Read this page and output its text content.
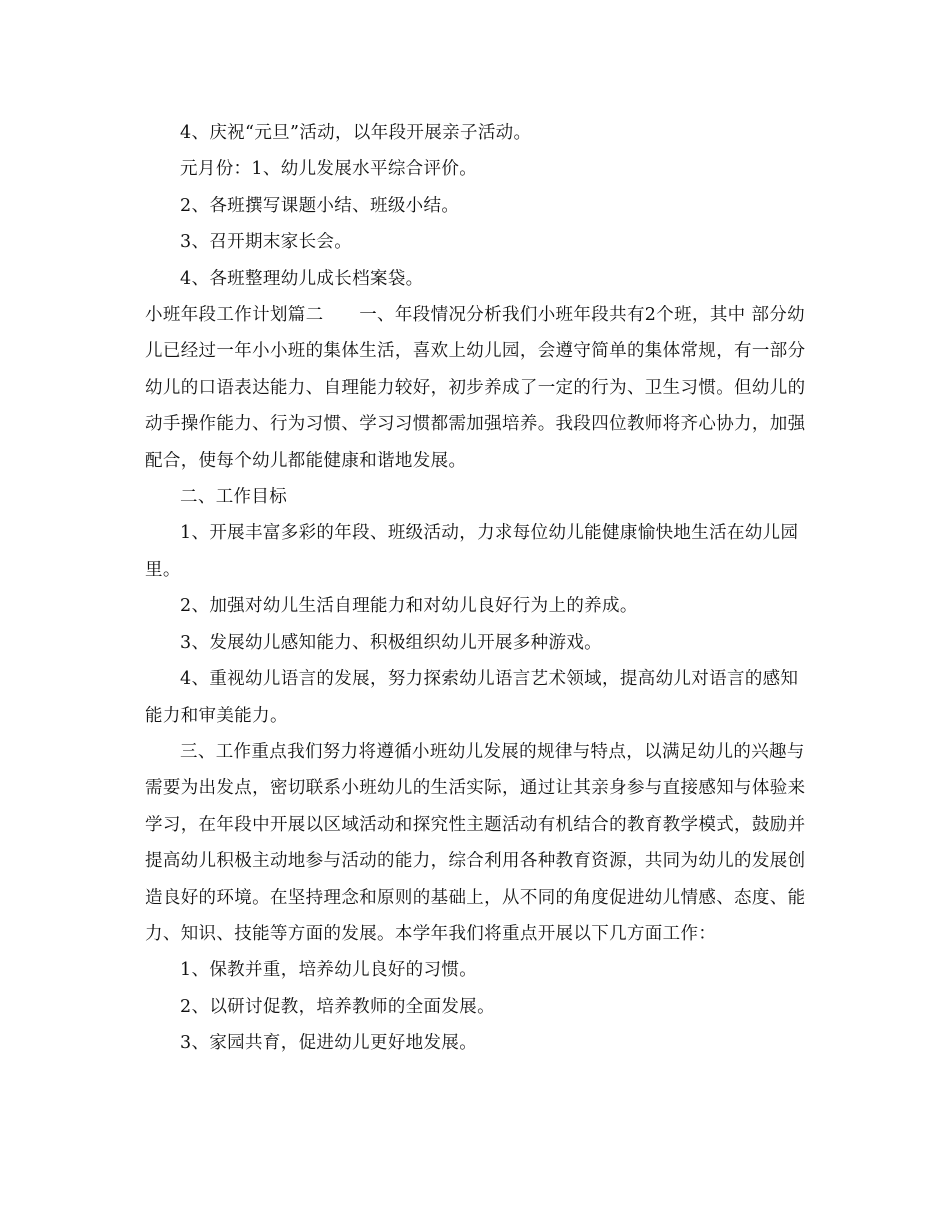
4、庆祝“元旦”活动，以年段开展亲子活动。

元月份：1、幼儿发展水平综合评价。

2、各班撰写课题小结、班级小结。

3、召开期末家长会。

4、各班整理幼儿成长档案袋。

小班年段工作计划篇二　　一、年段情况分析我们小班年段共有2个班，其中 部分幼儿已经过一年小小班的集体生活，喜欢上幼儿园，会遵守简单的集体常规，有一部分幼儿的口语表达能力、自理能力较好，初步养成了一定的行为、卫生习惯。但幼儿的动手操作能力、行为习惯、学习习惯都需加强培养。我段四位教师将齐心协力，加强配合，使每个幼儿都能健康和谐地发展。

二、工作目标

1、开展丰富多彩的年段、班级活动，力求每位幼儿能健康愉快地生活在幼儿园里。

2、加强对幼儿生活自理能力和对幼儿良好行为上的养成。

3、发展幼儿感知能力、积极组织幼儿开展多种游戏。

4、重视幼儿语言的发展，努力探索幼儿语言艺术领域，提高幼儿对语言的感知能力和审美能力。

三、工作重点我们努力将遵循小班幼儿发展的规律与特点，以满足幼儿的兴趣与需要为出发点，密切联系小班幼儿的生活实际，通过让其亲身参与直接感知与体验来学习，在年段中开展以区域活动和探究性主题活动有机结合的教育教学模式，鼓励并提高幼儿积极主动地参与活动的能力，综合利用各种教育资源，共同为幼儿的发展创造良好的环境。在坚持理念和原则的基础上，从不同的角度促进幼儿情感、态度、能力、知识、技能等方面的发展。本学年我们将重点开展以下几方面工作：

1、保教并重，培养幼儿良好的习惯。

2、以研讨促教，培养教师的全面发展。

3、家园共育，促进幼儿更好地发展。
